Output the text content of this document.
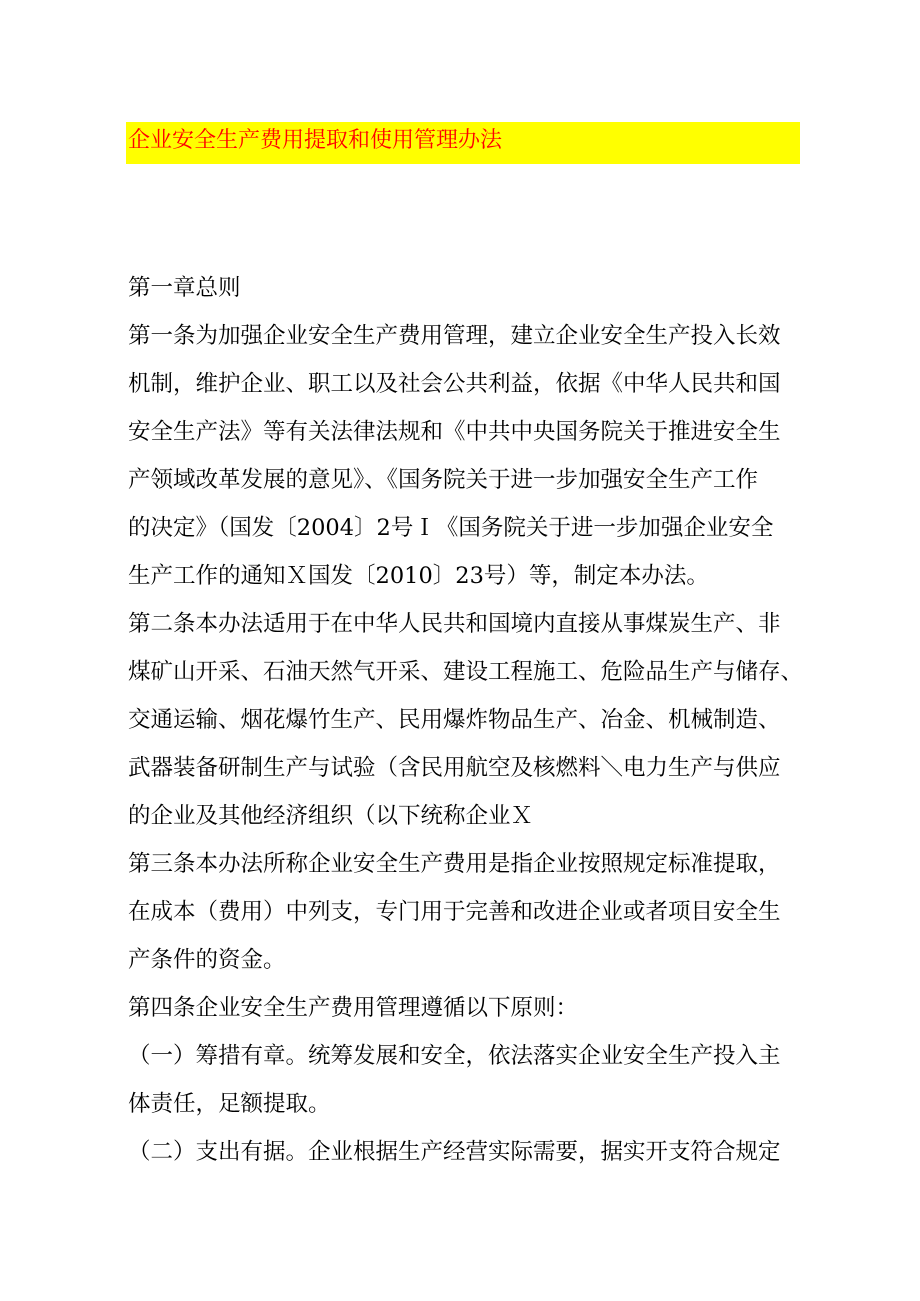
企业安全生产费用提取和使用管理办法
第一章总则
第一条为加强企业安全生产费用管理，建立企业安全生产投入长效
机制，维护企业、职工以及社会公共利益，依据《中华人民共和国
安全生产法》等有关法律法规和《中共中央国务院关于推进安全生
产领域改革发展的意见》、《国务院关于进一步加强安全生产工作
的决定》（国发〔2004〕2号Ｉ《国务院关于进一步加强企业安全
生产工作的通知Ｘ国发〔2010〕23号）等，制定本办法。
第二条本办法适用于在中华人民共和国境内直接从事煤炭生产、非
煤矿山开采、石油天然气开采、建设工程施工、危险品生产与储存、
交通运输、烟花爆竹生产、民用爆炸物品生产、冶金、机械制造、
武器装备研制生产与试验（含民用航空及核燃料＼电力生产与供应
的企业及其他经济组织（以下统称企业Ｘ
第三条本办法所称企业安全生产费用是指企业按照规定标准提取，
在成本（费用）中列支，专门用于完善和改进企业或者项目安全生
产条件的资金。
第四条企业安全生产费用管理遵循以下原则：
（一）筹措有章。统筹发展和安全，依法落实企业安全生产投入主
体责任，足额提取。
（二）支出有据。企业根据生产经营实际需要，据实开支符合规定
